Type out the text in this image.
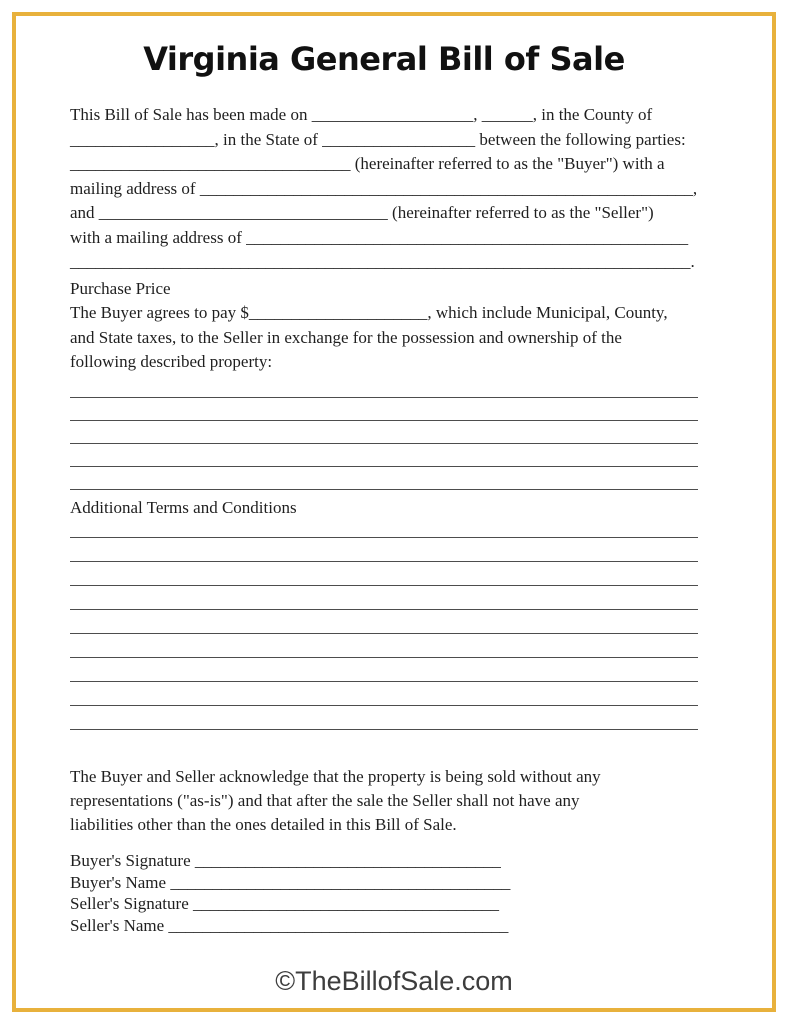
Virginia General Bill of Sale
This Bill of Sale has been made on ___________________, ______, in the County of
_________________, in the State of __________________ between the following parties:
_________________________________ (hereinafter referred to as the "Buyer") with a
mailing address of __________________________________________________________,
and __________________________________ (hereinafter referred to as the "Seller")
with a mailing address of ____________________________________________________
_________________________________________________________________________.
Purchase Price
The Buyer agrees to pay $_____________________, which include Municipal, County,
and State taxes, to the Seller in exchange for the possession and ownership of the
following described property:
Additional Terms and Conditions
The Buyer and Seller acknowledge that the property is being sold without any
representations ("as-is") and that after the sale the Seller shall not have any
liabilities other than the ones detailed in this Bill of Sale.
Buyer's Signature ____________________________________
Buyer's Name ________________________________________
Seller's Signature ____________________________________
Seller's Name ________________________________________
©TheBillofSale.com
